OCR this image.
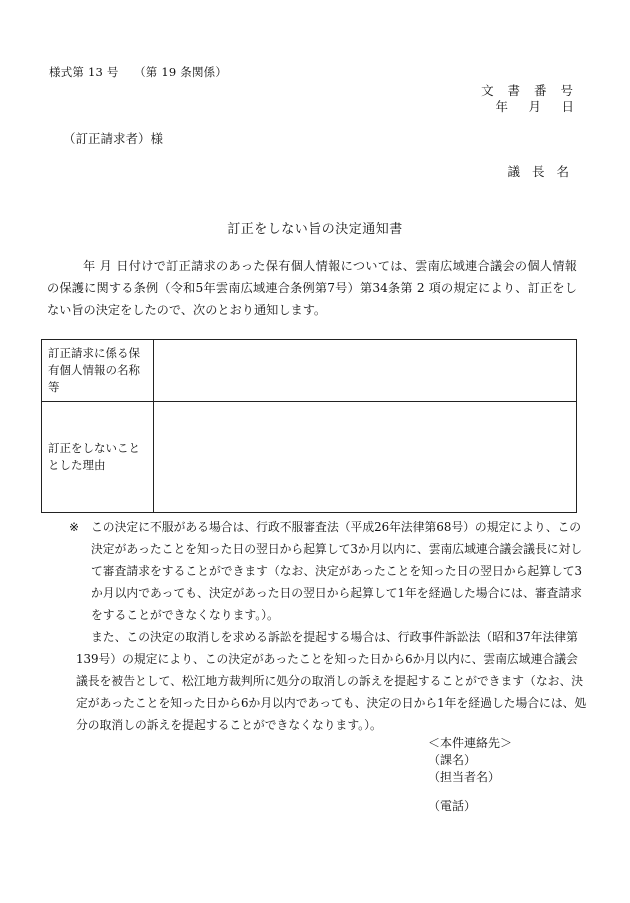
様式第 13 号　 （第 19 条関係）
文 書 番 号
年　月　日
（訂正請求者）様
議 長 名
訂正をしない旨の決定通知書
年 月 日付けで訂正請求のあった保有個人情報については、雲南広域連合議会の個人情報の保護に関する条例（令和5年雲南広域連合条例第7号）第34条第 2 項の規定により、訂正をしない旨の決定をしたので、次のとおり通知します。
訂正請求に係る保有個人情報の名称等	
訂正をしないこととした理由	
※	この決定に不服がある場合は、行政不服審査法（平成26年法律第68号）の規定により、この決定があったことを知った日の翌日から起算して3か月以内に、雲南広域連合議会議長に対して審査請求をすることができます（なお、決定があったことを知った日の翌日から起算して3か月以内であっても、決定があった日の翌日から起算して1年を経過した場合には、審査請求をすることができなくなります。）。

また、この決定の取消しを求める訴訟を提起する場合は、行政事件訴訟法（昭和37年法律第139号）の規定により、この決定があったことを知った日から6か月以内に、雲南広域連合議会議長を被告として、松江地方裁判所に処分の取消しの訴えを提起することができます（なお、決定があったことを知った日から6か月以内であっても、決定の日から1年を経過した場合には、処分の取消しの訴えを提起することができなくなります。）。

＜本件連絡先＞
（課名）
（担当者名）
（電話）
